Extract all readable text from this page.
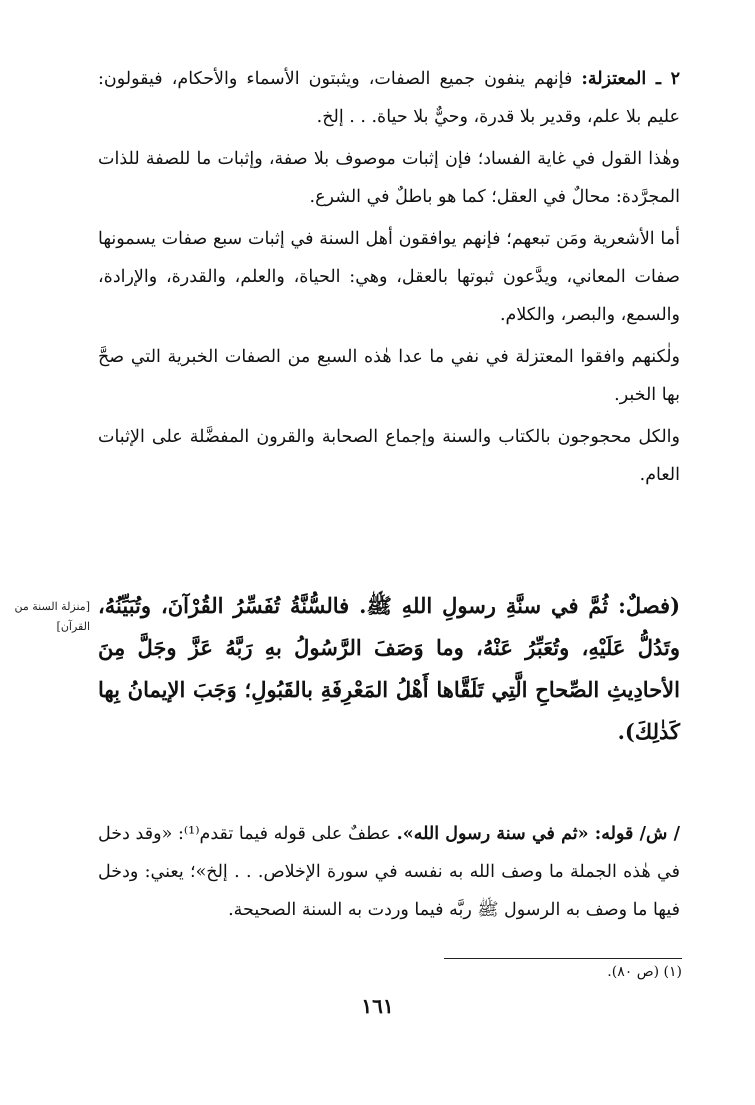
٢ ـ المعتزلة: فإنهم ينفون جميع الصفات، ويثبتون الأسماء والأحكام، فيقولون: عليم بلا علم، وقدير بلا قدرة، وحيٌّ بلا حياة. . . إلخ.

وهٰذا القول في غاية الفساد؛ فإن إثبات موصوف بلا صفة، وإثبات ما للصفة للذات المجرَّدة: محالٌ في العقل؛ كما هو باطلٌ في الشرع.

أما الأشعرية ومَن تبعهم؛ فإنهم يوافقون أهل السنة في إثبات سبع صفات يسمونها صفات المعاني، ويدَّعون ثبوتها بالعقل، وهي: الحياة، والعلم، والقدرة، والإرادة، والسمع، والبصر، والكلام.

ولٰكنهم وافقوا المعتزلة في نفي ما عدا هٰذه السبع من الصفات الخبرية التي صحَّ بها الخبر.

والكل محجوجون بالكتاب والسنة وإجماع الصحابة والقرون المفضَّلة على الإثبات العام.

[منزلة السنة من القرآن]

(فصلٌ: ثُمَّ في سنَّةِ رسولِ اللهِ ﷺ. فالسُّنَّةُ تُفَسِّرُ القُرْآنَ، وتُبَيِّنُهُ، وتَدُلُّ عَلَيْهِ، وتُعَبِّرُ عَنْهُ، وما وَصَفَ الرَّسُولُ بهِ رَبَّهُ عَزَّ وجَلَّ مِنَ الأحادِيثِ الصِّحاحِ الَّتِي تَلَقَّاها أَهْلُ المَعْرِفَةِ بالقَبُولِ؛ وَجَبَ الإيمانُ بِها كَذٰلِكَ).

/ ش/ قوله: «ثم في سنة رسول الله». عطفٌ على قوله فيما تقدم⁽¹⁾: «وقد دخل في هٰذه الجملة ما وصف الله به نفسه في سورة الإخلاص. . . إلخ»؛ يعني: ودخل فيها ما وصف به الرسول ﷺ ربَّه فيما وردت به السنة الصحيحة.

(١) (ص ٨٠).
١٦١
